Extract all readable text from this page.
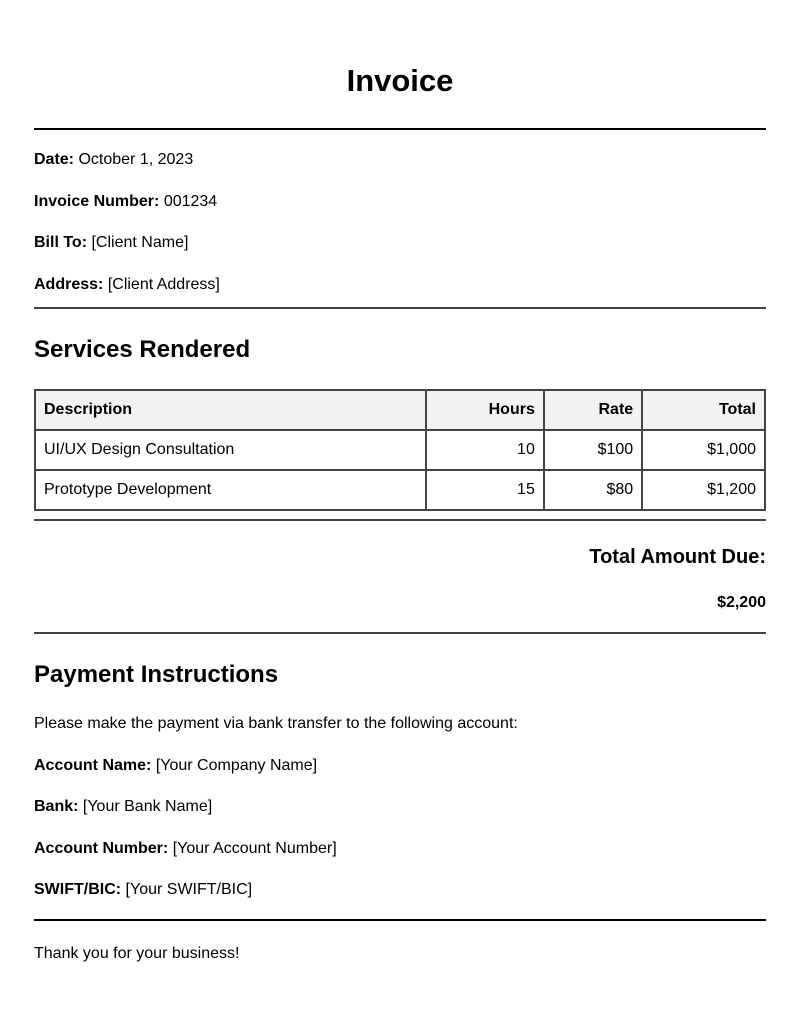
Invoice

Date: October 1, 2023

Invoice Number: 001234

Bill To: [Client Name]

Address: [Client Address]

Services Rendered
Description	Hours	Rate	Total
UI/UX Design Consultation	10	$100	$1,000
Prototype Development	15	$80	$1,200

Total Amount Due:

$2,200

Payment Instructions

Please make the payment via bank transfer to the following account:

Account Name: [Your Company Name]

Bank: [Your Bank Name]

Account Number: [Your Account Number]

SWIFT/BIC: [Your SWIFT/BIC]

Thank you for your business!
